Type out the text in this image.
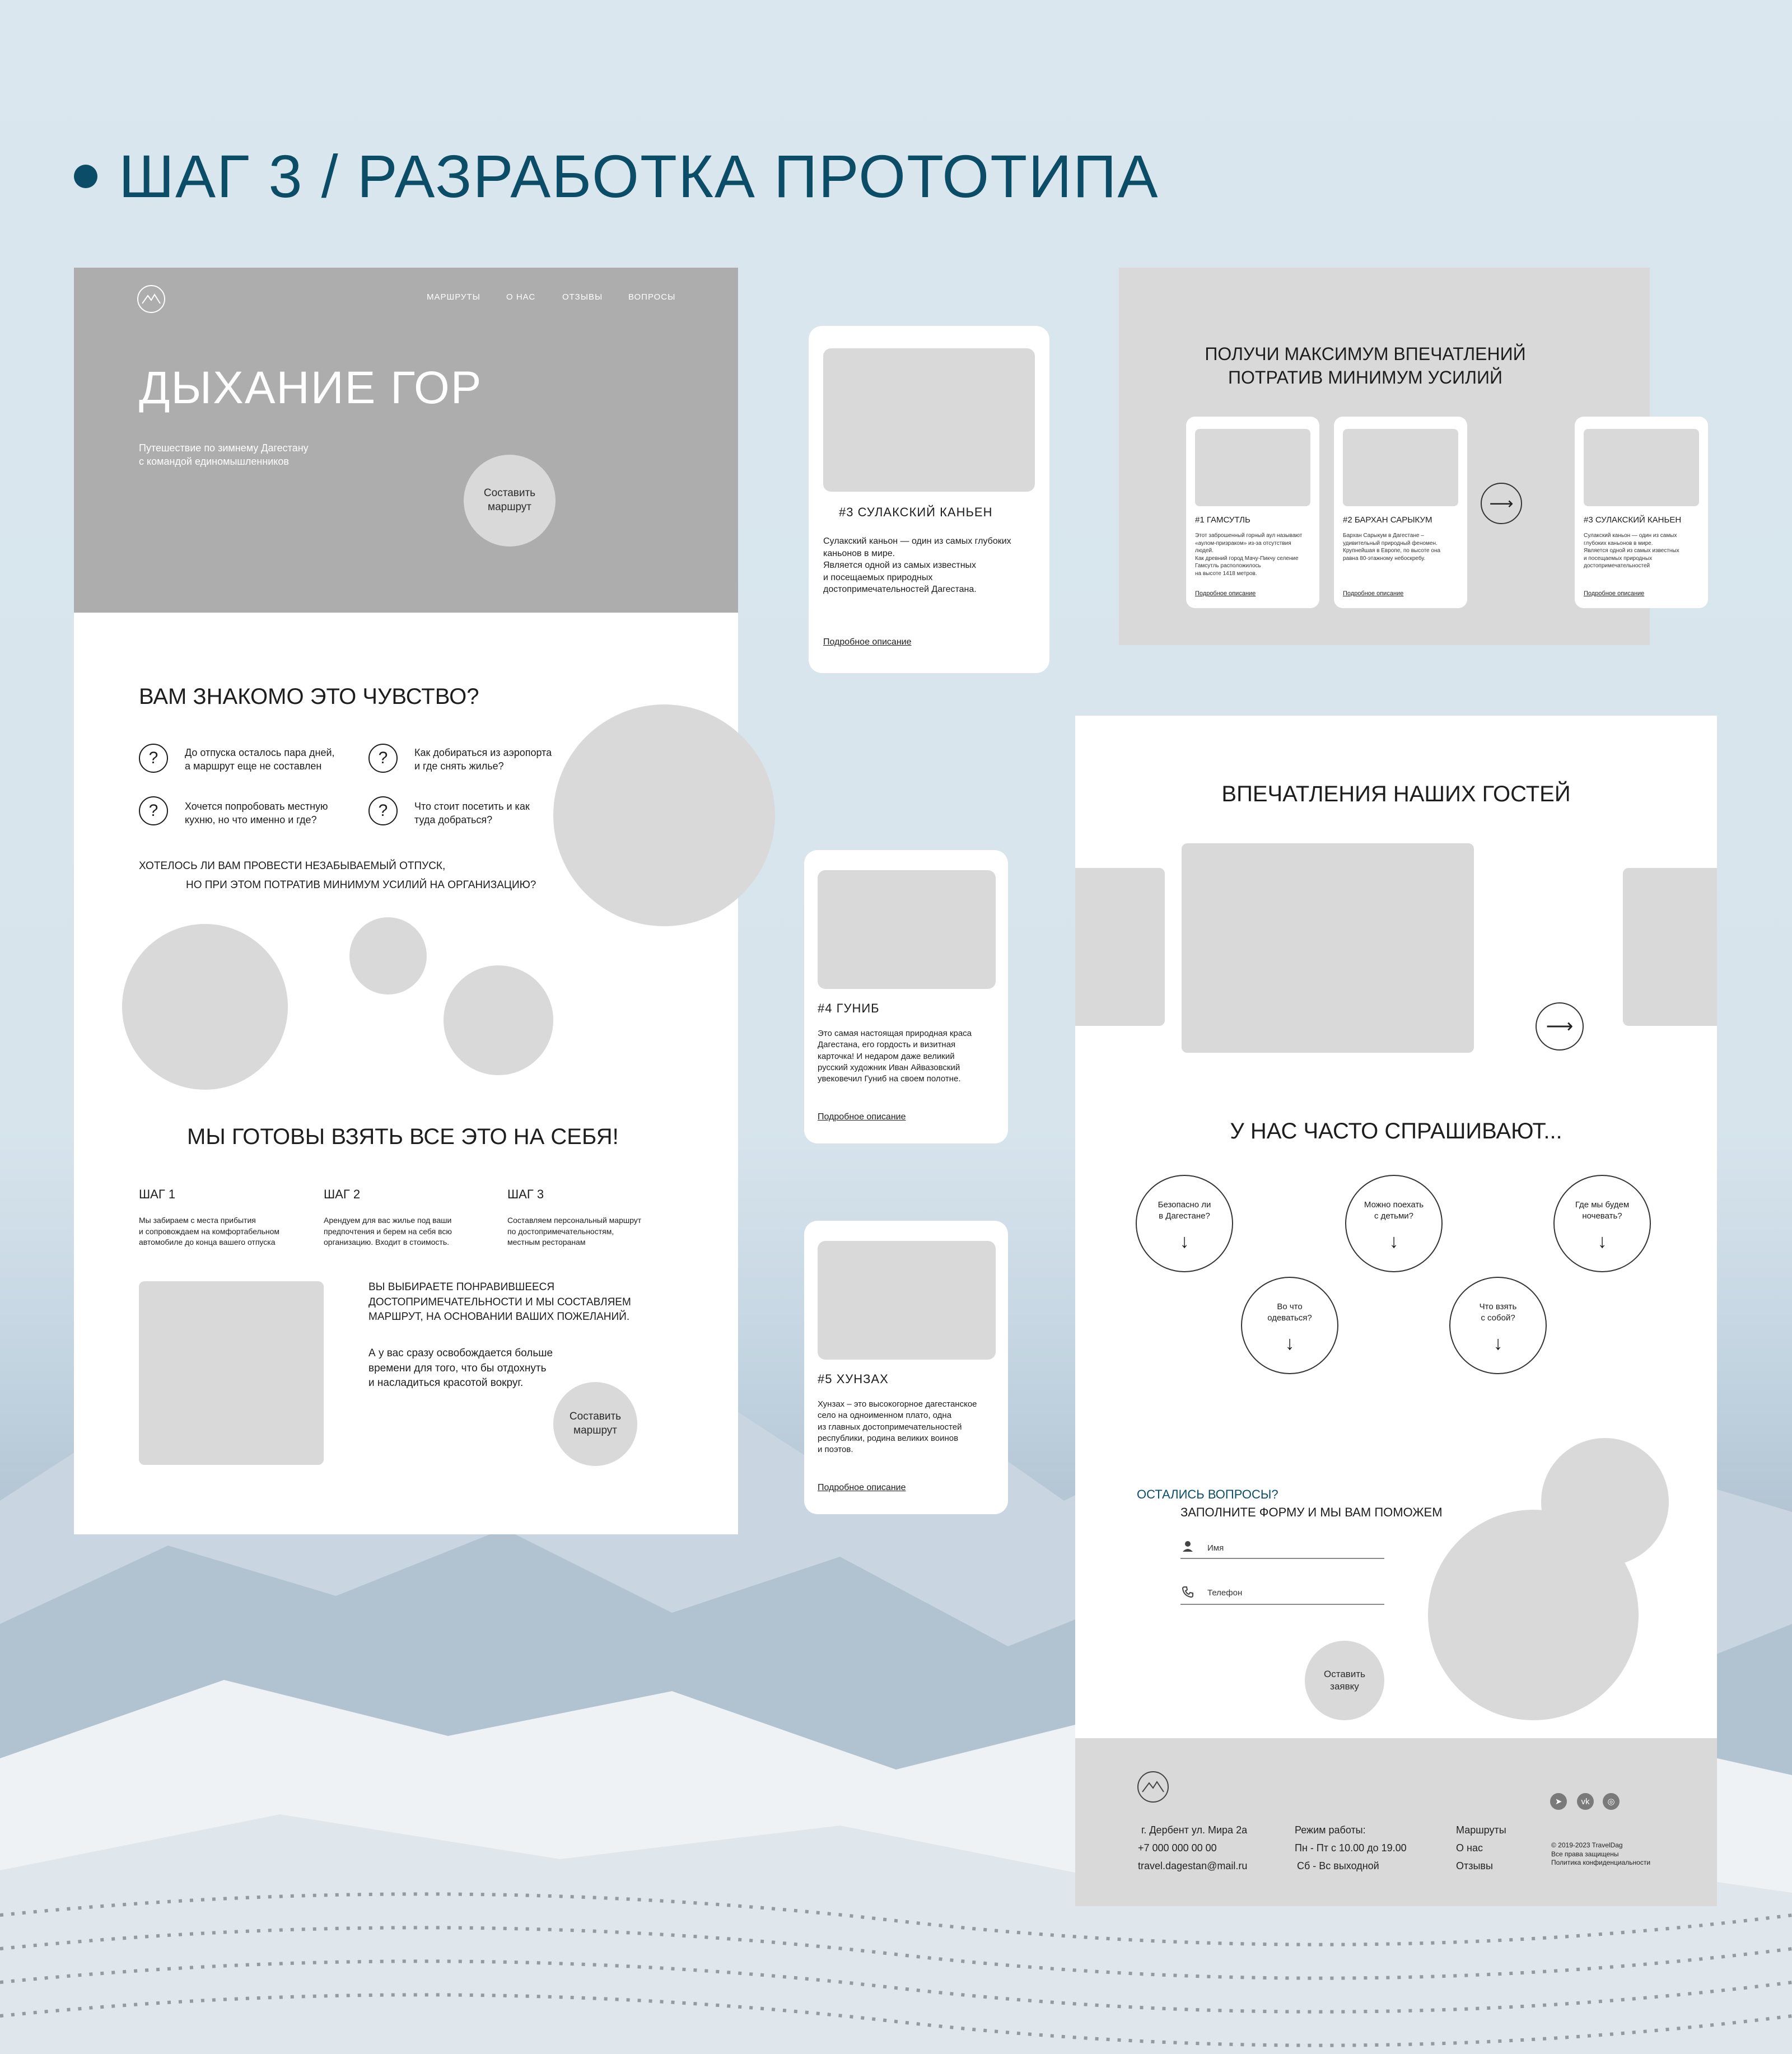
ШАГ 3 / РАЗРАБОТКА ПРОТОТИПА
МАРШРУТЫ	О НАС	ОТЗЫВЫ	ВОПРОСЫ
ДЫХАНИЕ ГОР
Путешествие по зимнему Дагестану
с командой единомышленников
Составить
маршрут
ВАМ ЗНАКОМО ЭТО ЧУВСТВО?
?	До отпуска осталось пара дней,
а маршрут еще не составлен	?	Как добираться из аэропорта
и где снять жилье?
?	Хочется попробовать местную
кухню, но что именно и где?
?	Что стоит посетить и как
туда добраться?
ХОТЕЛОСЬ ЛИ ВАМ ПРОВЕСТИ НЕЗАБЫВАЕМЫЙ ОТПУСК,
НО ПРИ ЭТОМ ПОТРАТИВ МИНИМУМ УСИЛИЙ НА ОРГАНИЗАЦИЮ?
МЫ ГОТОВЫ ВЗЯТЬ ВСЕ ЭТО НА СЕБЯ!
ШАГ 1
Мы забираем с места прибытия
и сопровождаем на комфортабельном
автомобиле до конца вашего отпуска
ШАГ 2
Арендуем для вас жилье под ваши
предпочтения и берем на себя всю
организацию. Входит в стоимость.
ШАГ 3
Составляем персональный маршрут
по достопримечательностям,
местным ресторанам
ВЫ ВЫБИРАЕТЕ ПОНРАВИВШЕЕСЯ
ДОСТОПРИМЕЧАТЕЛЬНОСТИ И МЫ СОСТАВЛЯЕМ
МАРШРУТ, НА ОСНОВАНИИ ВАШИХ ПОЖЕЛАНИЙ.
А у вас сразу освобождается больше
времени для того, что бы отдохнуть
и насладиться красотой вокруг.
Составить
маршрут
#3 СУЛАКСКИЙ КАНЬЕН
Сулакский каньон — один из самых глубоких
каньонов в мире.
Является одной из самых известных
и посещаемых природных
достопримечательностей Дагестана.
Подробное описание
#4 ГУНИБ
Это самая настоящая природная краса
Дагестана, его гордость и визитная
карточка! И недаром даже великий
русский художник Иван Айвазовский
увековечил Гуниб на своем полотне.
Подробное описание
#5 ХУНЗАХ
Хунзах – это высокогорное дагестанское
село на одноименном плато, одна
из главных достопримечательностей
республики, родина великих воинов
и поэтов.
Подробное описание
ПОЛУЧИ МАКСИМУМ ВПЕЧАТЛЕНИЙ
ПОТРАТИВ МИНИМУМ УСИЛИЙ
#1 ГАМСУТЛЬ
Этот заброшенный горный аул называют
«аулом-призраком» из-за отсутствия
людей.
Как древний город Мачу-Пикчу селение
Гамсутль расположилось
на высоте 1418 метров.
Подробное описание
#2 БАРХАН САРЫКУМ
Бархан Сарыкум в Дагестане –
удивительный природный феномен.
Крупнейшая в Европе, по высоте она
равна 80-этажному небоскребу.
Подробное описание
⟶
#3 СУЛАКСКИЙ КАНЬЕН
Сулакский каньон — один из самых
глубоких каньонов в мире.
Является одной из самых известных
и посещаемых природных
достопримечательностей
Подробное описание
ВПЕЧАТЛЕНИЯ НАШИХ ГОСТЕЙ
⟶
У НАС ЧАСТО СПРАШИВАЮТ...
Безопасно ли
в Дагестане?
↓
Можно поехать
с детьми?
↓
Где мы будем
ночевать?
↓
Во что
одеваться?
↓
Что взять
с собой?
↓
ОСТАЛИСЬ ВОПРОСЫ?
ЗАПОЛНИТЕ ФОРМУ И МЫ ВАМ ПОМОЖЕМ
Имя
Телефон
Оставить
заявку
г. Дербент ул. Мира 2а
+7 000 000 00 00
travel.dagestan@mail.ru
Режим работы:
Пн - Пт с 10.00 до 19.00
Сб - Вс выходной
Маршруты
О нас
Отзывы
➤	vk	◎
© 2019-2023 TravelDag
Все права защищены
Политика конфиденциальности
